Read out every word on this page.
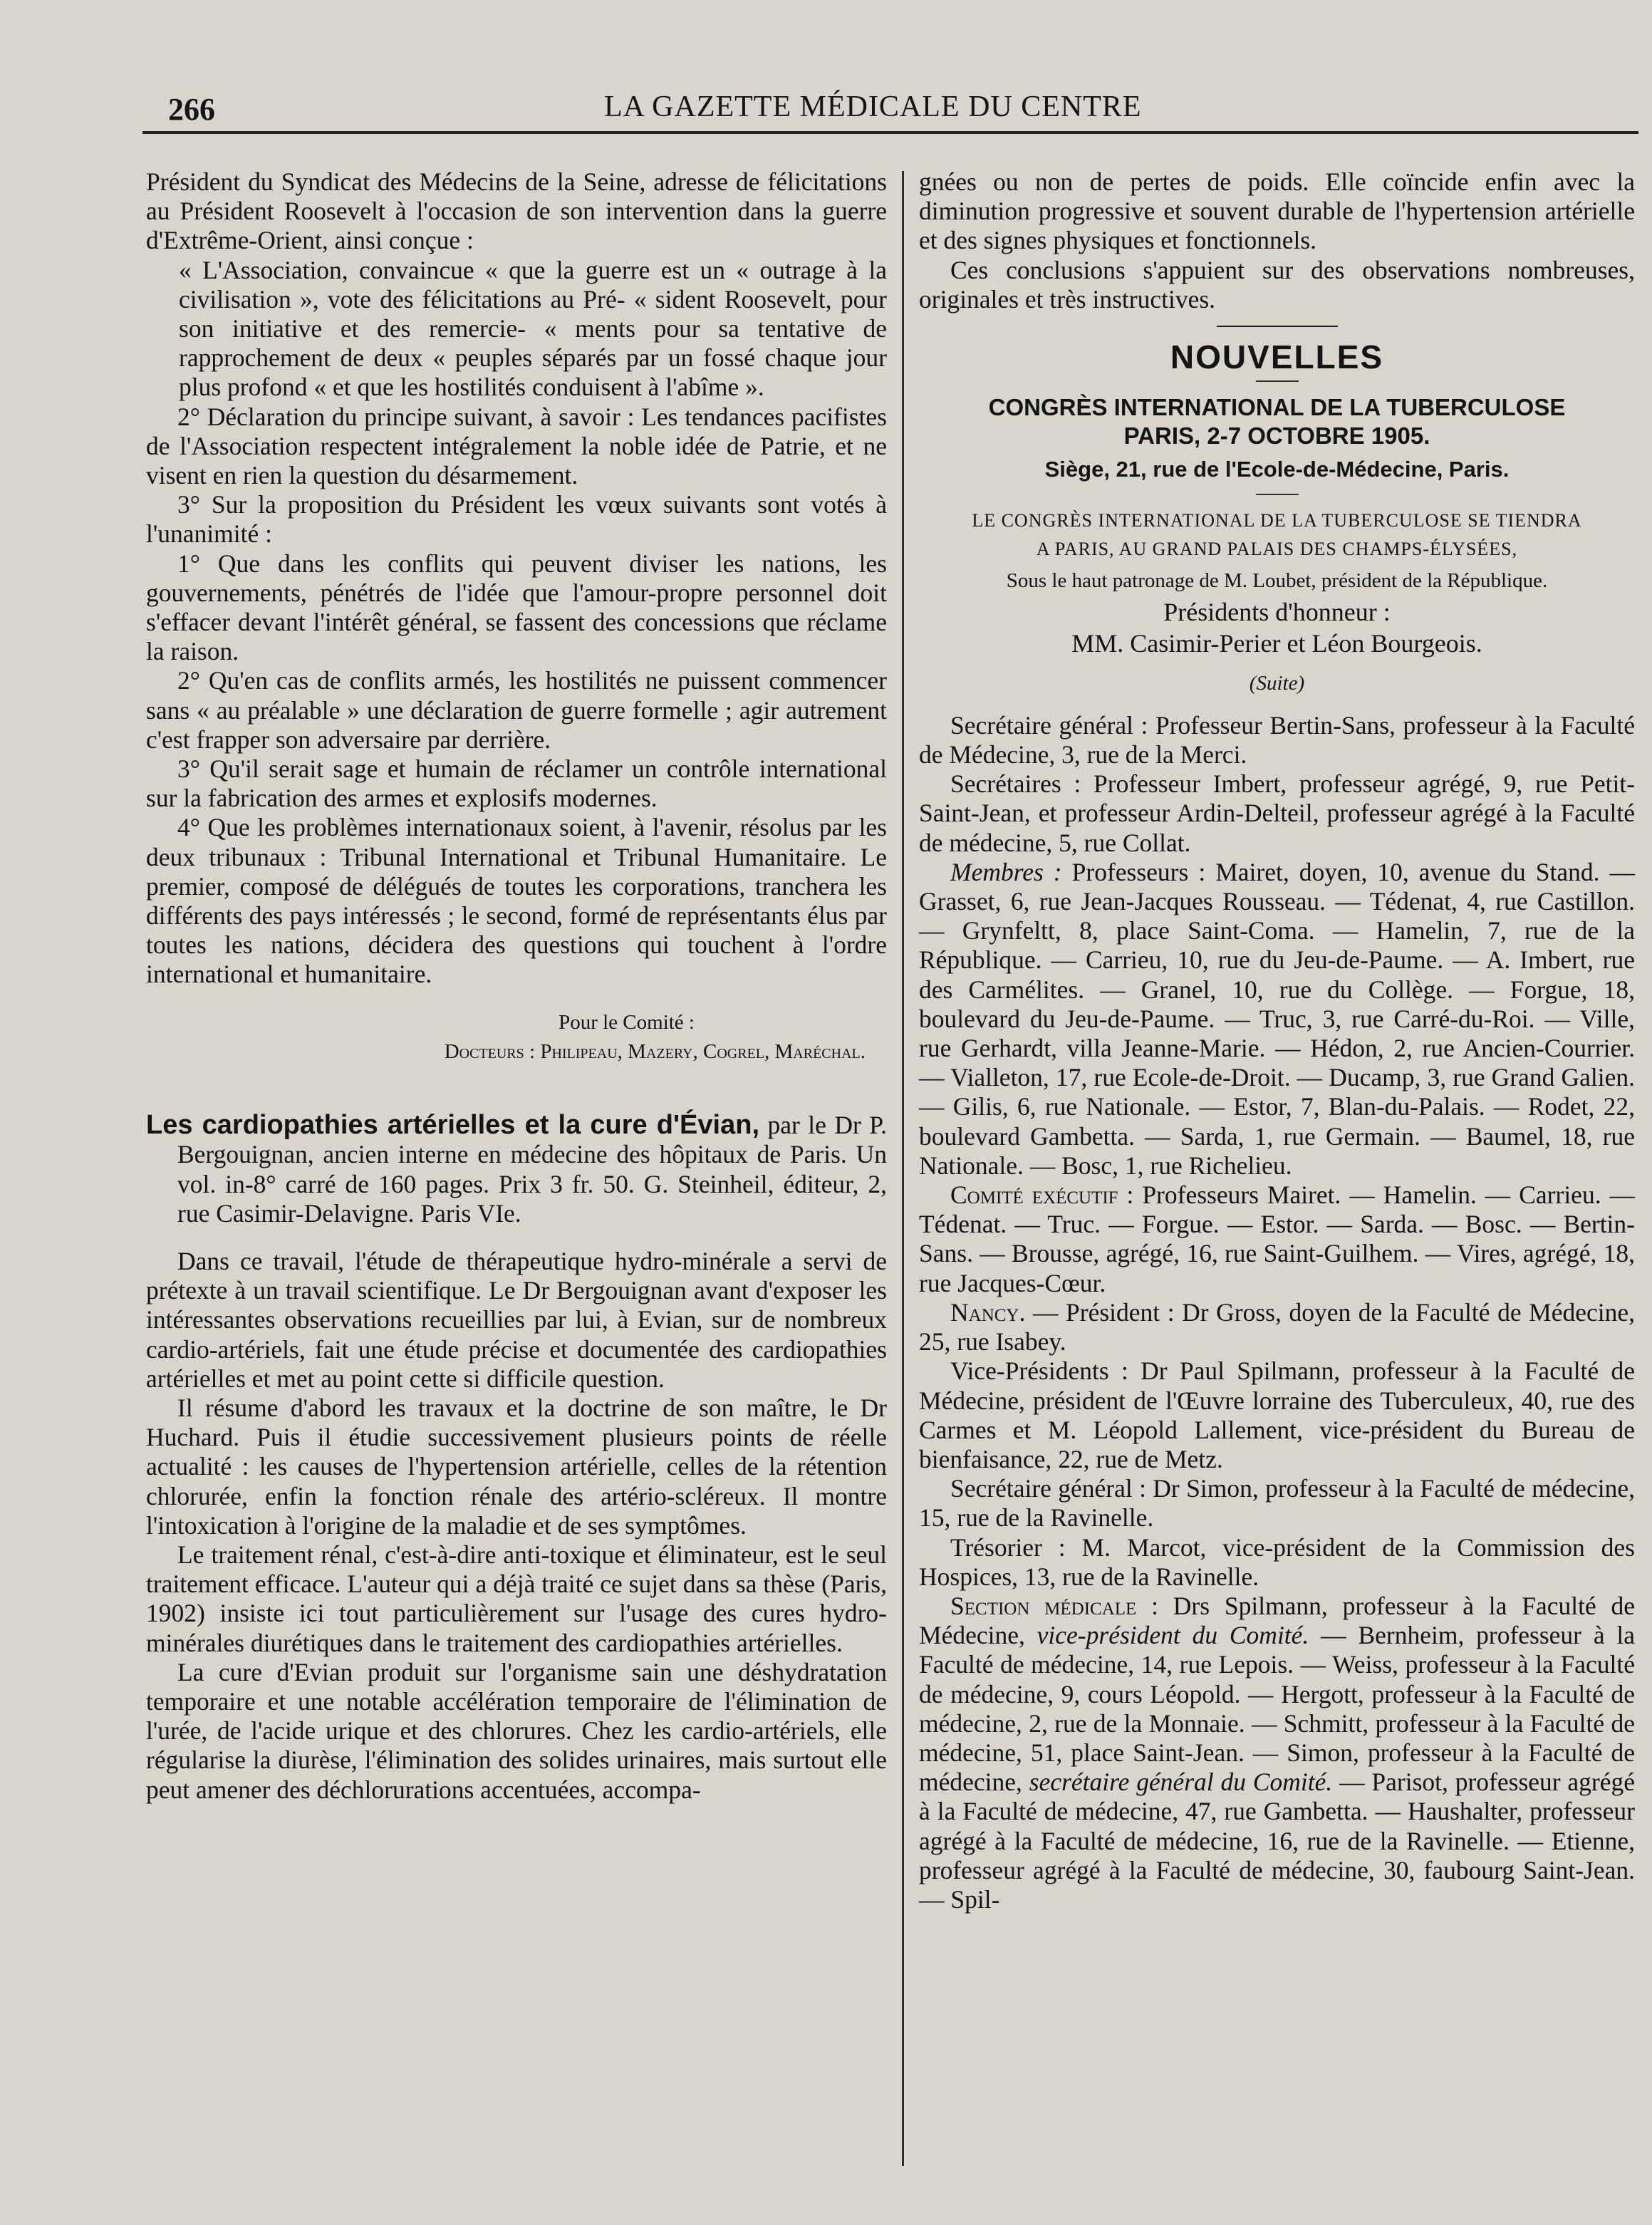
266	LA GAZETTE MÉDICALE DU CENTRE

Président du Syndicat des Médecins de la Seine, adresse de félicitations au Président Roosevelt à l'occasion de son intervention dans la guerre d'Extrême-Orient, ainsi conçue :

« L'Association, convaincue « que la guerre est un « outrage à la civilisation », vote des félicitations au Pré- « sident Roosevelt, pour son initiative et des remercie- « ments pour sa tentative de rapprochement de deux « peuples séparés par un fossé chaque jour plus profond « et que les hostilités conduisent à l'abîme ».

2° Déclaration du principe suivant, à savoir : Les tendances pacifistes de l'Association respectent intégralement la noble idée de Patrie, et ne visent en rien la question du désarmement.

3° Sur la proposition du Président les vœux suivants sont votés à l'unanimité :

1° Que dans les conflits qui peuvent diviser les nations, les gouvernements, pénétrés de l'idée que l'amour-propre personnel doit s'effacer devant l'intérêt général, se fassent des concessions que réclame la raison.

2° Qu'en cas de conflits armés, les hostilités ne puissent commencer sans « au préalable » une déclaration de guerre formelle ; agir autrement c'est frapper son adversaire par derrière.

3° Qu'il serait sage et humain de réclamer un contrôle international sur la fabrication des armes et explosifs modernes.

4° Que les problèmes internationaux soient, à l'avenir, résolus par les deux tribunaux : Tribunal International et Tribunal Humanitaire. Le premier, composé de délégués de toutes les corporations, tranchera les différents des pays intéressés ; le second, formé de représentants élus par toutes les nations, décidera des questions qui touchent à l'ordre international et humanitaire.

Pour le Comité :

Docteurs : Philipeau, Mazery, Cogrel, Maréchal.

Les cardiopathies artérielles et la cure d'Évian, par le Dr P. Bergouignan, ancien interne en médecine des hôpitaux de Paris. Un vol. in-8° carré de 160 pages. Prix 3 fr. 50. G. Steinheil, éditeur, 2, rue Casimir-Delavigne. Paris VIe.

Dans ce travail, l'étude de thérapeutique hydro-minérale a servi de prétexte à un travail scientifique. Le Dr Bergouignan avant d'exposer les intéressantes observations recueillies par lui, à Evian, sur de nombreux cardio-artériels, fait une étude précise et documentée des cardiopathies artérielles et met au point cette si difficile question.

Il résume d'abord les travaux et la doctrine de son maître, le Dr Huchard. Puis il étudie successivement plusieurs points de réelle actualité : les causes de l'hypertension artérielle, celles de la rétention chlorurée, enfin la fonction rénale des artério-scléreux. Il montre l'intoxication à l'origine de la maladie et de ses symptômes.

Le traitement rénal, c'est-à-dire anti-toxique et éliminateur, est le seul traitement efficace. L'auteur qui a déjà traité ce sujet dans sa thèse (Paris, 1902) insiste ici tout particulièrement sur l'usage des cures hydro-minérales diurétiques dans le traitement des cardiopathies artérielles.

La cure d'Evian produit sur l'organisme sain une déshydratation temporaire et une notable accélération temporaire de l'élimination de l'urée, de l'acide urique et des chlorures. Chez les cardio-artériels, elle régularise la diurèse, l'élimination des solides urinaires, mais surtout elle peut amener des déchlorurations accentuées, accompa-

gnées ou non de pertes de poids. Elle coïncide enfin avec la diminution progressive et souvent durable de l'hypertension artérielle et des signes physiques et fonctionnels.

Ces conclusions s'appuient sur des observations nombreuses, originales et très instructives.

NOUVELLES

CONGRÈS INTERNATIONAL DE LA TUBERCULOSE

PARIS, 2-7 OCTOBRE 1905.

Siège, 21, rue de l'Ecole-de-Médecine, Paris.

LE CONGRÈS INTERNATIONAL DE LA TUBERCULOSE SE TIENDRA

A PARIS, AU GRAND PALAIS DES CHAMPS-ÉLYSÉES,

Sous le haut patronage de M. Loubet, président de la République.

Présidents d'honneur :

MM. Casimir-Perier et Léon Bourgeois.

(Suite)

Secrétaire général : Professeur Bertin-Sans, professeur à la Faculté de Médecine, 3, rue de la Merci.

Secrétaires : Professeur Imbert, professeur agrégé, 9, rue Petit-Saint-Jean, et professeur Ardin-Delteil, professeur agrégé à la Faculté de médecine, 5, rue Collat.

Membres : Professeurs : Mairet, doyen, 10, avenue du Stand. — Grasset, 6, rue Jean-Jacques Rousseau. — Tédenat, 4, rue Castillon. — Grynfeltt, 8, place Saint-Coma. — Hamelin, 7, rue de la République. — Carrieu, 10, rue du Jeu-de-Paume. — A. Imbert, rue des Carmélites. — Granel, 10, rue du Collège. — Forgue, 18, boulevard du Jeu-de-Paume. — Truc, 3, rue Carré-du-Roi. — Ville, rue Gerhardt, villa Jeanne-Marie. — Hédon, 2, rue Ancien-Courrier. — Vialleton, 17, rue Ecole-de-Droit. — Ducamp, 3, rue Grand Galien. — Gilis, 6, rue Nationale. — Estor, 7, Blan-du-Palais. — Rodet, 22, boulevard Gambetta. — Sarda, 1, rue Germain. — Baumel, 18, rue Nationale. — Bosc, 1, rue Richelieu.

Comité exécutif : Professeurs Mairet. — Hamelin. — Carrieu. — Tédenat. — Truc. — Forgue. — Estor. — Sarda. — Bosc. — Bertin-Sans. — Brousse, agrégé, 16, rue Saint-Guilhem. — Vires, agrégé, 18, rue Jacques-Cœur.

Nancy. — Président : Dr Gross, doyen de la Faculté de Médecine, 25, rue Isabey.

Vice-Présidents : Dr Paul Spilmann, professeur à la Faculté de Médecine, président de l'Œuvre lorraine des Tuberculeux, 40, rue des Carmes et M. Léopold Lallement, vice-président du Bureau de bienfaisance, 22, rue de Metz.

Secrétaire général : Dr Simon, professeur à la Faculté de médecine, 15, rue de la Ravinelle.

Trésorier : M. Marcot, vice-président de la Commission des Hospices, 13, rue de la Ravinelle.

Section médicale : Drs Spilmann, professeur à la Faculté de Médecine, vice-président du Comité. — Bernheim, professeur à la Faculté de médecine, 14, rue Lepois. — Weiss, professeur à la Faculté de médecine, 9, cours Léopold. — Hergott, professeur à la Faculté de médecine, 2, rue de la Monnaie. — Schmitt, professeur à la Faculté de médecine, 51, place Saint-Jean. — Simon, professeur à la Faculté de médecine, secrétaire général du Comité. — Parisot, professeur agrégé à la Faculté de médecine, 47, rue Gambetta. — Haushalter, professeur agrégé à la Faculté de médecine, 16, rue de la Ravinelle. — Etienne, professeur agrégé à la Faculté de médecine, 30, faubourg Saint-Jean. — Spil-
